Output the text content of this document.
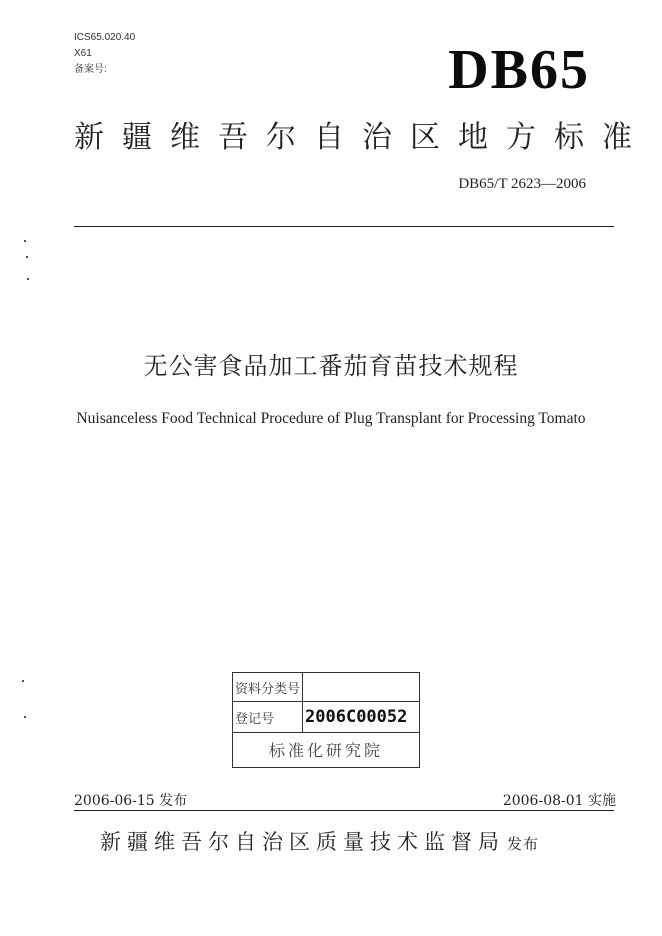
ICS65.020.40
X61
备案号:	DB65
新疆维吾尔自治区地方标准
DB65/T 2623—2006
无公害食品加工番茄育苗技术规程
Nuisanceless Food Technical Procedure of Plug Transplant for Processing Tomato
资料分类号	
登记号	2006C00052
标准化研究院	
2006-06-15 发布	2006-08-01 实施
新疆维吾尔自治区质量技术监督局 发布
